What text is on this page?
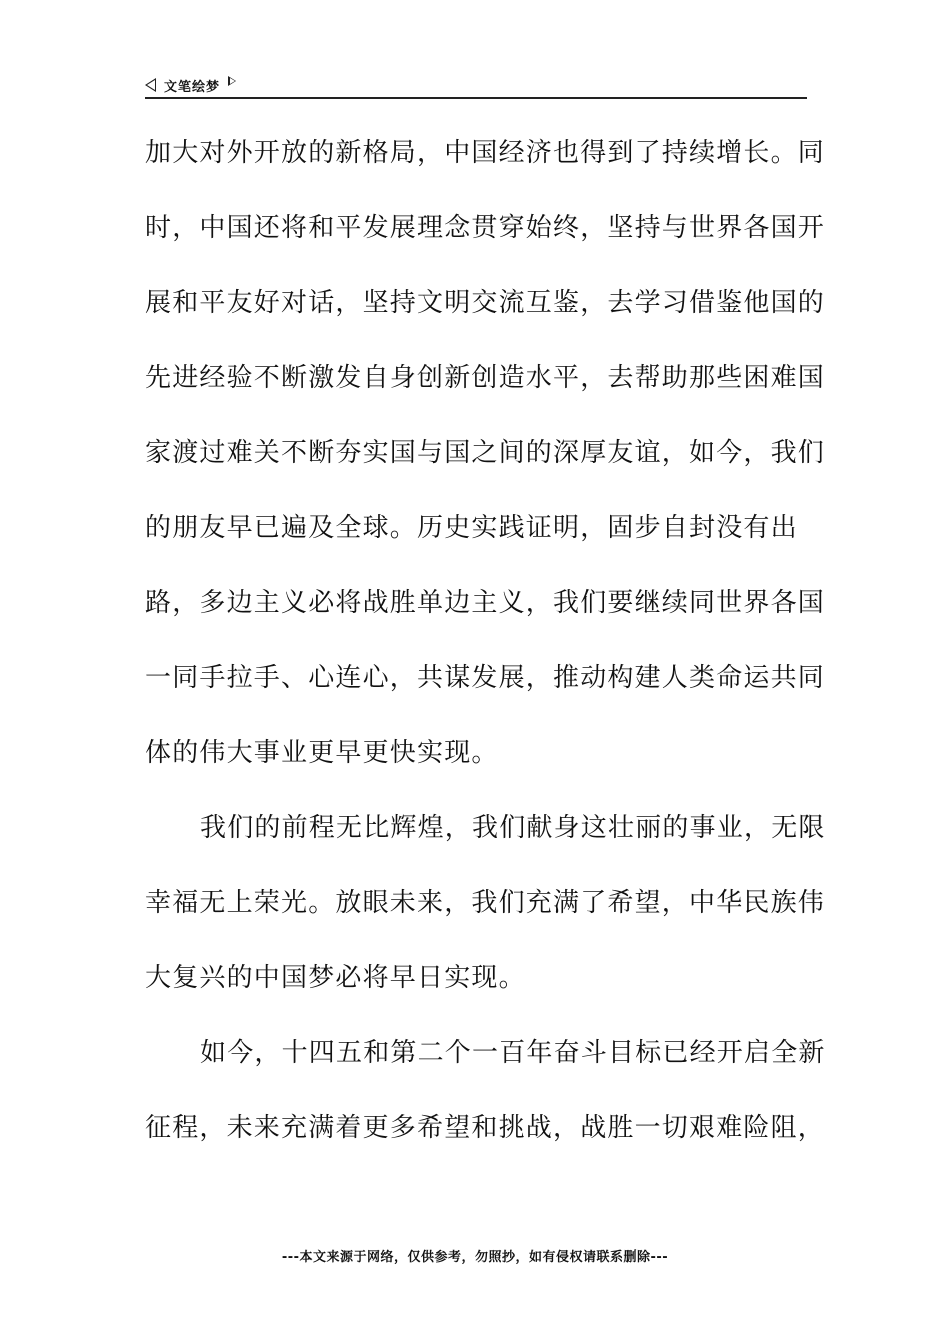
文笔绘梦
加大对外开放的新格局，中国经济也得到了持续增长。同
时，中国还将和平发展理念贯穿始终，坚持与世界各国开
展和平友好对话，坚持文明交流互鉴，去学习借鉴他国的
先进经验不断激发自身创新创造水平，去帮助那些困难国
家渡过难关不断夯实国与国之间的深厚友谊，如今，我们
的朋友早已遍及全球。历史实践证明，固步自封没有出
路，多边主义必将战胜单边主义，我们要继续同世界各国
一同手拉手、心连心，共谋发展，推动构建人类命运共同
体的伟大事业更早更快实现。
我们的前程无比辉煌，我们献身这壮丽的事业，无限
幸福无上荣光。放眼未来，我们充满了希望，中华民族伟
大复兴的中国梦必将早日实现。
如今，十四五和第二个一百年奋斗目标已经开启全新
征程，未来充满着更多希望和挑战，战胜一切艰难险阻，
---本文来源于网络，仅供参考，勿照抄，如有侵权请联系删除---
